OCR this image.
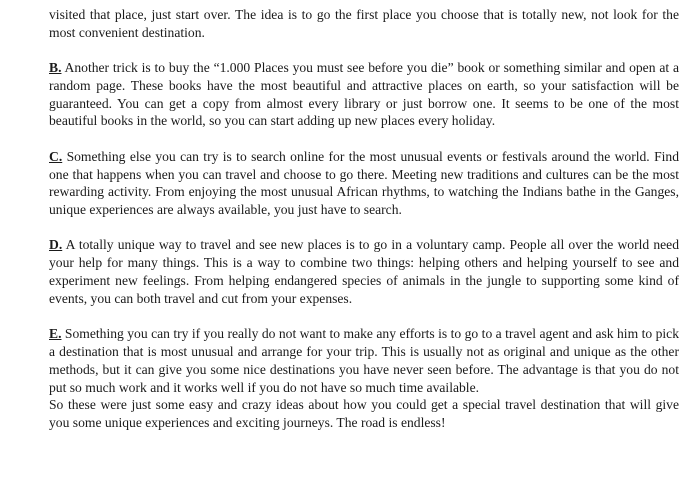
visited that place, just start over. The idea is to go the first place you choose that is totally new, not look for the most convenient destination.

B. Another trick is to buy the “1.000 Places you must see before you die” book or something similar and open at a random page. These books have the most beautiful and attractive places on earth, so your satisfaction will be guaranteed. You can get a copy from almost every library or just borrow one. It seems to be one of the most beautiful books in the world, so you can start adding up new places every holiday.

C. Something else you can try is to search online for the most unusual events or festivals around the world. Find one that happens when you can travel and choose to go there. Meeting new traditions and cultures can be the most rewarding activity. From enjoying the most unusual African rhythms, to watching the Indians bathe in the Ganges, unique experiences are always available, you just have to search.

D. A totally unique way to travel and see new places is to go in a voluntary camp. People all over the world need your help for many things. This is a way to combine two things: helping others and helping yourself to see and experiment new feelings. From helping endangered species of animals in the jungle to supporting some kind of events, you can both travel and cut from your expenses.

E. Something you can try if you really do not want to make any efforts is to go to a travel agent and ask him to pick a destination that is most unusual and arrange for your trip. This is usually not as original and unique as the other methods, but it can give you some nice destinations you have never seen before. The advantage is that you do not put so much work and it works well if you do not have so much time available.

So these were just some easy and crazy ideas about how you could get a special travel destination that will give you some unique experiences and exciting journeys. The road is endless!
